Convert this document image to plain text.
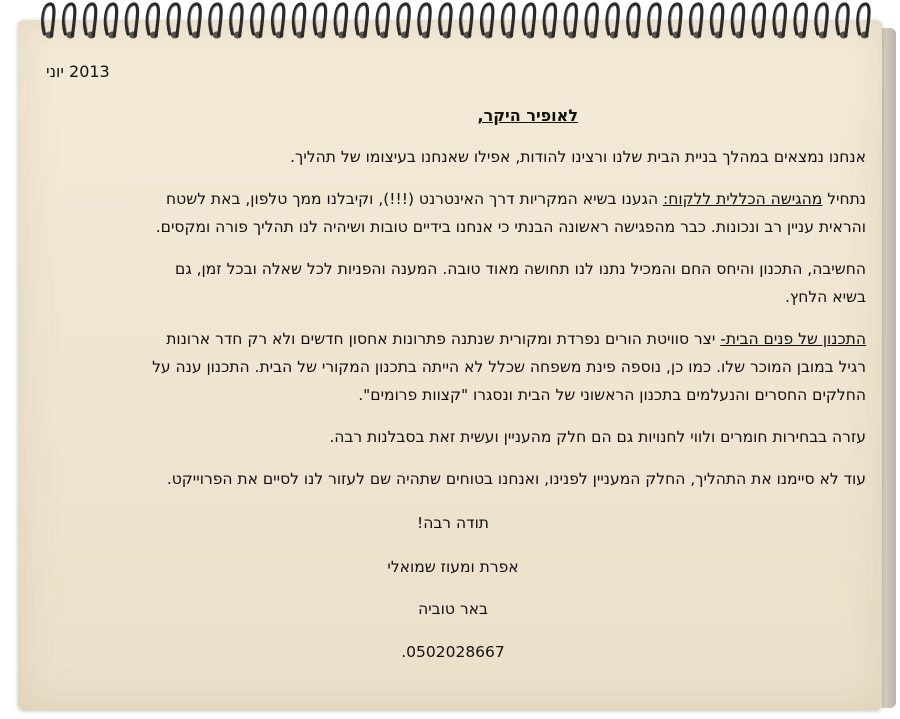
2013 יוני
לאופיר היקר,
אנחנו נמצאים במהלך בניית הבית שלנו ורצינו להודות, אפילו שאנחנו בעיצומו של תהליך.
נתחיל מהגישה הכללית ללקוח: הגענו בשיא המקריות דרך האינטרנט (!!!), וקיבלנו ממך טלפון, באת לשטח
והראית עניין רב ונכונות. כבר מהפגישה ראשונה הבנתי כי אנחנו בידיים טובות ושיהיה לנו תהליך פורה ומקסים.
החשיבה, התכנון והיחס החם והמכיל נתנו לנו תחושה מאוד טובה. המענה והפניות לכל שאלה ובכל זמן, גם
בשיא הלחץ.
התכנון של פנים הבית- יצר סוויטת הורים נפרדת ומקורית שנתנה פתרונות אחסון חדשים ולא רק חדר ארונות
רגיל במובן המוכר שלו. כמו כן, נוספה פינת משפחה שכלל לא הייתה בתכנון המקורי של הבית. התכנון ענה על
החלקים החסרים והנעלמים בתכנון הראשוני של הבית ונסגרו "קצוות פרומים".
עזרה בבחירות חומרים ולווי לחנויות גם הם חלק מהעניין ועשית זאת בסבלנות רבה.
עוד לא סיימנו את התהליך, החלק המעניין לפנינו, ואנחנו בטוחים שתהיה שם לעזור לנו לסיים את הפרוייקט.
תודה רבה!
אפרת ומעוז שמואלי
באר טוביה
0502028667.
